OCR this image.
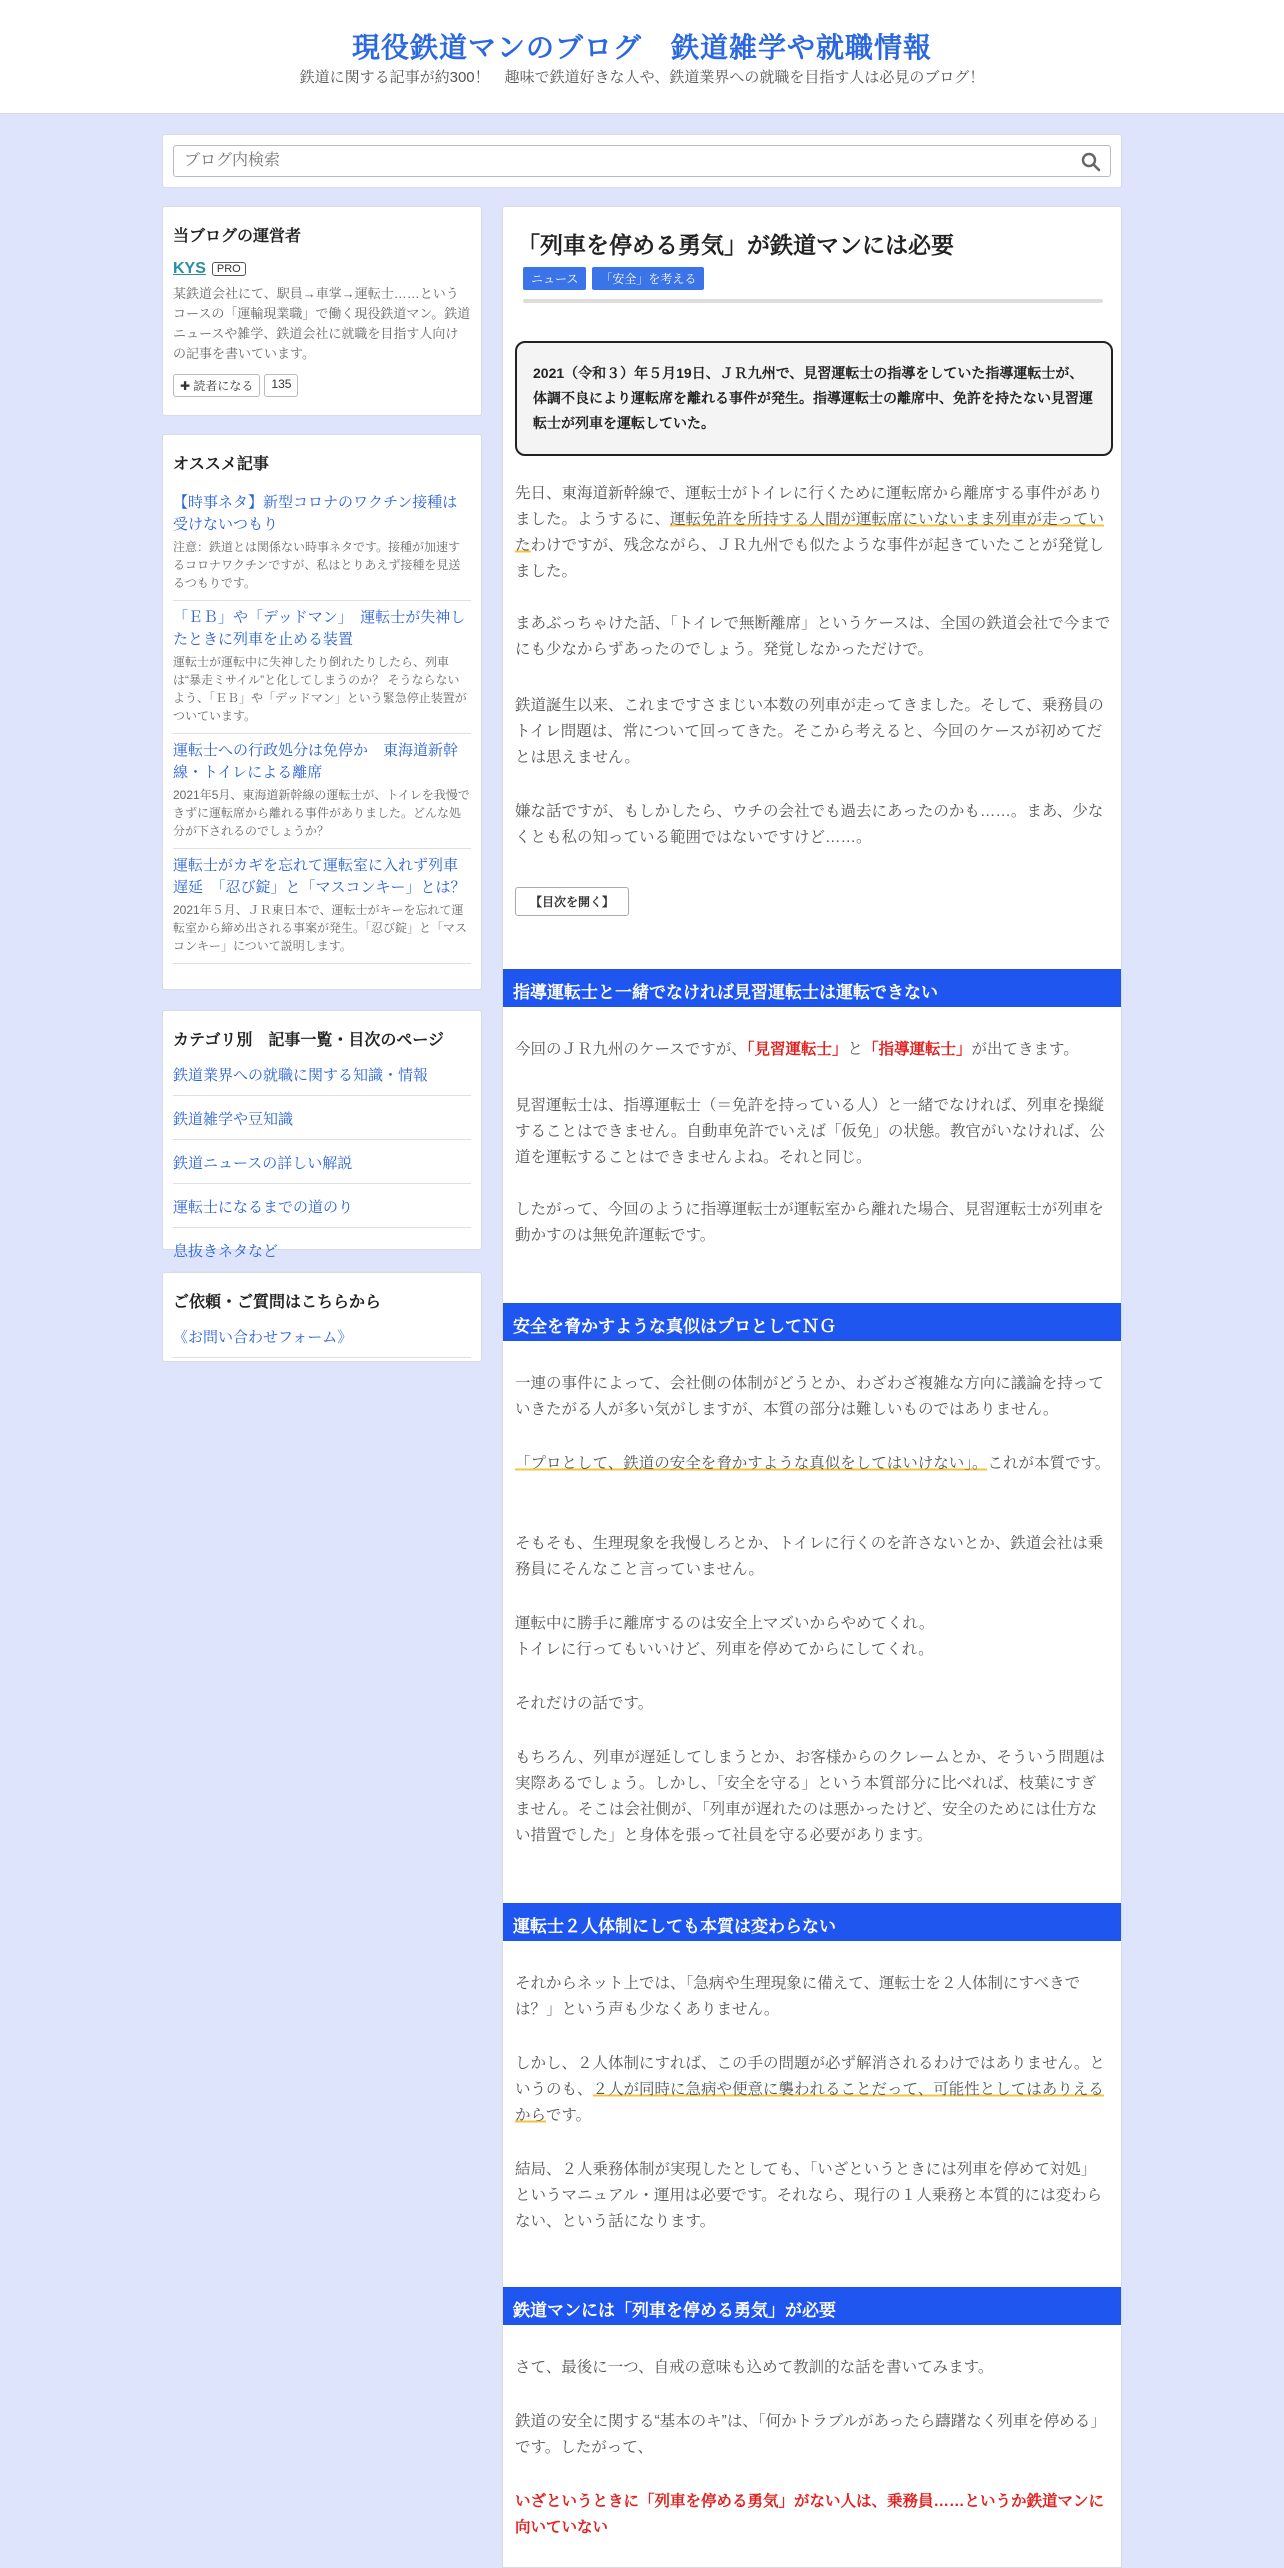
現役鉄道マンのブログ　鉄道雑学や就職情報
鉄道に関する記事が約300！　趣味で鉄道好きな人や、鉄道業界への就職を目指す人は必見のブログ！
ブログ内検索
当ブログの運営者
KYS	PRO
某鉄道会社にて、駅員→車掌→運転士……というコースの「運輸現業職」で働く現役鉄道マン。鉄道ニュースや雑学、鉄道会社に就職を目指す人向けの記事を書いています。
✚ 読者になる	135
オススメ記事
【時事ネタ】新型コロナのワクチン接種は受けないつもり
注意：鉄道とは関係ない時事ネタです。接種が加速するコロナワクチンですが、私はとりあえず接種を見送るつもりです。
「ＥＢ」や「デッドマン」　運転士が失神したときに列車を止める装置
運転士が運転中に失神したり倒れたりしたら、列車は“暴走ミサイル”と化してしまうのか？ そうならないよう、「ＥＢ」や「デッドマン」という緊急停止装置がついています。
運転士への行政処分は免停か　東海道新幹線・トイレによる離席
2021年5月、東海道新幹線の運転士が、トイレを我慢できずに運転席から離れる事件がありました。どんな処分が下されるのでしょうか？
運転士がカギを忘れて運転室に入れず列車遅延　「忍び錠」と「マスコンキー」とは？
2021年５月、ＪＲ東日本で、運転士がキーを忘れて運転室から締め出される事案が発生。「忍び錠」と「マスコンキー」について説明します。
カテゴリ別　記事一覧・目次のページ
鉄道業界への就職に関する知識・情報
鉄道雑学や豆知識
鉄道ニュースの詳しい解説
運転士になるまでの道のり
息抜きネタなど
ご依頼・ご質問はこちらから
《お問い合わせフォーム》
「列車を停める勇気」が鉄道マンには必要
ニュース	「安全」を考える
2021（令和３）年５月19日、ＪＲ九州で、見習運転士の指導をしていた指導運転士が、体調不良により運転席を離れる事件が発生。指導運転士の離席中、免許を持たない見習運転士が列車を運転していた。
先日、東海道新幹線で、運転士がトイレに行くために運転席から離席する事件がありました。ようするに、運転免許を所持する人間が運転席にいないまま列車が走っていたわけですが、残念ながら、ＪＲ九州でも似たような事件が起きていたことが発覚しました。
まあぶっちゃけた話、「トイレで無断離席」というケースは、全国の鉄道会社で今までにも少なからずあったのでしょう。発覚しなかっただけで。
鉄道誕生以来、これまですさまじい本数の列車が走ってきました。そして、乗務員のトイレ問題は、常について回ってきた。そこから考えると、今回のケースが初めてだとは思えません。
嫌な話ですが、もしかしたら、ウチの会社でも過去にあったのかも……。まあ、少なくとも私の知っている範囲ではないですけど……。
【目次を開く】
指導運転士と一緒でなければ見習運転士は運転できない
今回のＪＲ九州のケースですが、「見習運転士」と「指導運転士」が出てきます。
見習運転士は、指導運転士（＝免許を持っている人）と一緒でなければ、列車を操縦することはできません。自動車免許でいえば「仮免」の状態。教官がいなければ、公道を運転することはできませんよね。それと同じ。
したがって、今回のように指導運転士が運転室から離れた場合、見習運転士が列車を動かすのは無免許運転です。
安全を脅かすような真似はプロとしてＮＧ
一連の事件によって、会社側の体制がどうとか、わざわざ複雑な方向に議論を持っていきたがる人が多い気がしますが、本質の部分は難しいものではありません。
「プロとして、鉄道の安全を脅かすような真似をしてはいけない」。これが本質です。
そもそも、生理現象を我慢しろとか、トイレに行くのを許さないとか、鉄道会社は乗務員にそんなこと言っていません。
運転中に勝手に離席するのは安全上マズいからやめてくれ。
トイレに行ってもいいけど、列車を停めてからにしてくれ。
それだけの話です。
もちろん、列車が遅延してしまうとか、お客様からのクレームとか、そういう問題は実際あるでしょう。しかし、「安全を守る」という本質部分に比べれば、枝葉にすぎません。そこは会社側が、「列車が遅れたのは悪かったけど、安全のためには仕方ない措置でした」と身体を張って社員を守る必要があります。
運転士２人体制にしても本質は変わらない
それからネット上では、「急病や生理現象に備えて、運転士を２人体制にすべきでは？」という声も少なくありません。
しかし、２人体制にすれば、この手の問題が必ず解消されるわけではありません。というのも、２人が同時に急病や便意に襲われることだって、可能性としてはありえるからです。
結局、２人乗務体制が実現したとしても、「いざというときには列車を停めて対処」というマニュアル・運用は必要です。それなら、現行の１人乗務と本質的には変わらない、という話になります。
鉄道マンには「列車を停める勇気」が必要
さて、最後に一つ、自戒の意味も込めて教訓的な話を書いてみます。
鉄道の安全に関する“基本のキ”は、「何かトラブルがあったら躊躇なく列車を停める」です。したがって、
いざというときに「列車を停める勇気」がない人は、乗務員……というか鉄道マンに向いていない
